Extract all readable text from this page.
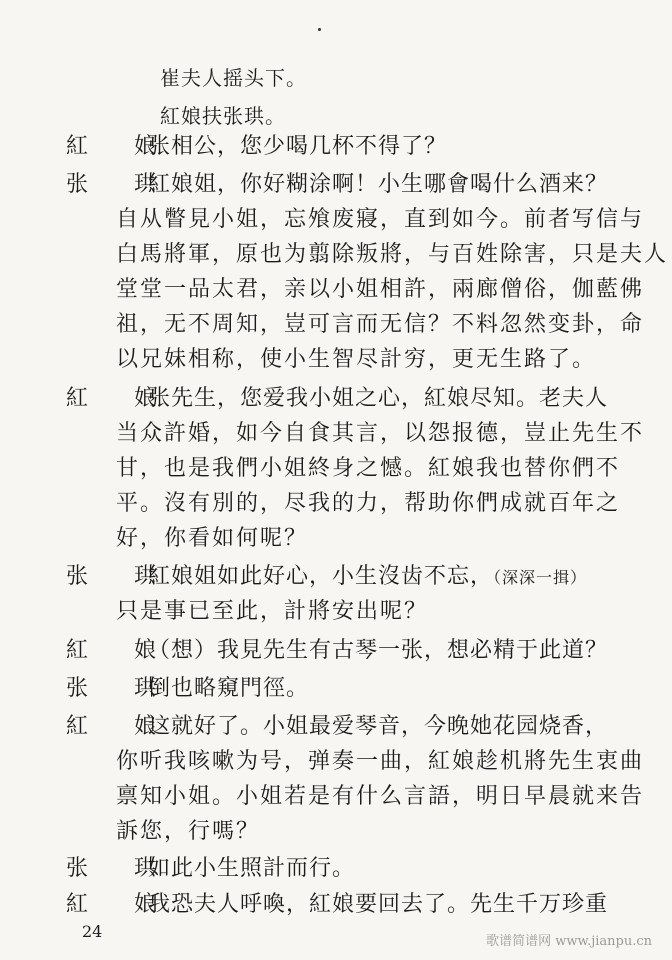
崔夫人摇头下。
紅娘扶张珙。
紅　娘
张相公，您少喝几杯不得了？
张　珙
紅娘姐，你好糊涂啊！小生哪會喝什么酒来？
自从瞥見小姐，忘飧废寢，直到如今。前者写信与
白馬將軍，原也为翦除叛將，与百姓除害，只是夫人
堂堂一品太君，亲以小姐相許，兩廊僧俗，伽藍佛
祖，无不周知，豈可言而无信？不料忽然变卦，命
以兄妹相称，使小生智尽計穷，更无生路了。
紅　娘
张先生，您爱我小姐之心，紅娘尽知。老夫人
当众許婚，如今自食其言，以怨报德，豈止先生不
甘，也是我們小姐終身之憾。紅娘我也替你們不
平。沒有別的，尽我的力，帮助你們成就百年之
好，你看如何呢？
张　珙
紅娘姐如此好心，小生沒齿不忘，（深深一揖）
只是事已至此，計將安出呢？
紅　娘
（想）我見先生有古琴一张，想必精于此道？
张　珙
倒也略窺門徑。
紅　娘
这就好了。小姐最爱琴音，今晚她花园烧香，
你听我咳嗽为号，弹奏一曲，紅娘趁机將先生衷曲
禀知小姐。小姐若是有什么言語，明日早晨就来告
訴您，行嗎？
张　珙
如此小生照計而行。
紅　娘
我恐夫人呼喚，紅娘要回去了。先生千万珍重
24
歌谱简谱网 www.jianpu.cn
